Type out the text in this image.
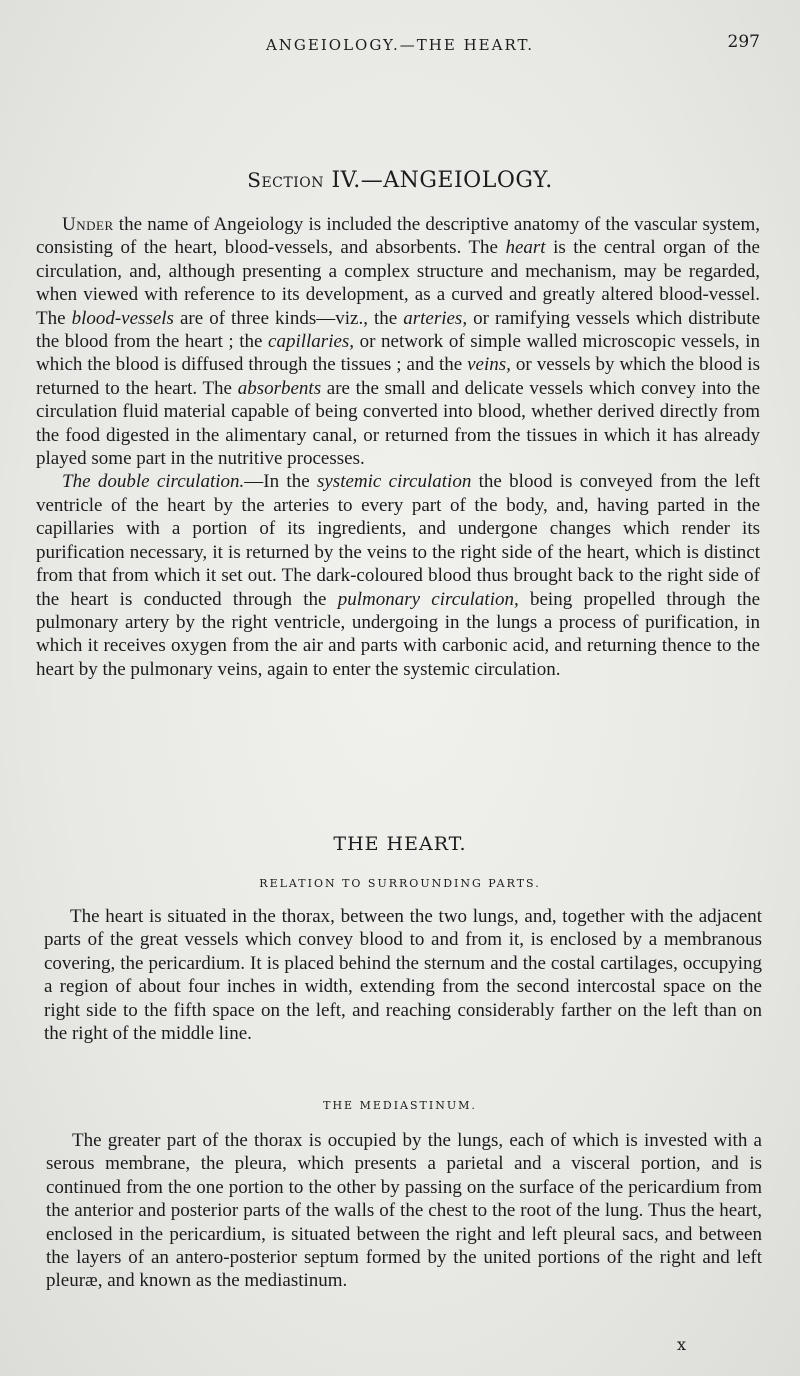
ANGEIOLOGY.—THE HEART.	297
Section IV.—ANGEIOLOGY.

Under the name of Angeiology is included the descriptive anatomy of the vascular system, consisting of the heart, blood-vessels, and absorbents. The heart is the central organ of the circulation, and, although presenting a complex structure and mechanism, may be regarded, when viewed with reference to its development, as a curved and greatly altered blood-vessel. The blood-vessels are of three kinds—viz., the arteries, or ramifying vessels which distribute the blood from the heart ; the capillaries, or network of simple walled microscopic vessels, in which the blood is diffused through the tissues ; and the veins, or vessels by which the blood is returned to the heart. The absorbents are the small and delicate vessels which convey into the circulation fluid material capable of being converted into blood, whether derived directly from the food digested in the alimentary canal, or returned from the tissues in which it has already played some part in the nutritive processes.

The double circulation.—In the systemic circulation the blood is conveyed from the left ventricle of the heart by the arteries to every part of the body, and, having parted in the capillaries with a portion of its ingredients, and undergone changes which render its purification necessary, it is returned by the veins to the right side of the heart, which is distinct from that from which it set out. The dark-coloured blood thus brought back to the right side of the heart is conducted through the pulmonary circulation, being propelled through the pulmonary artery by the right ventricle, undergoing in the lungs a process of purification, in which it receives oxygen from the air and parts with carbonic acid, and returning thence to the heart by the pulmonary veins, again to enter the systemic circulation.

THE HEART.
RELATION TO SURROUNDING PARTS.

The heart is situated in the thorax, between the two lungs, and, together with the adjacent parts of the great vessels which convey blood to and from it, is enclosed by a membranous covering, the pericardium. It is placed behind the sternum and the costal cartilages, occupying a region of about four inches in width, extending from the second intercostal space on the right side to the fifth space on the left, and reaching considerably farther on the left than on the right of the middle line.

THE MEDIASTINUM.

The greater part of the thorax is occupied by the lungs, each of which is invested with a serous membrane, the pleura, which presents a parietal and a visceral portion, and is continued from the one portion to the other by passing on the surface of the pericardium from the anterior and posterior parts of the walls of the chest to the root of the lung. Thus the heart, enclosed in the pericardium, is situated between the right and left pleural sacs, and between the layers of an antero-posterior septum formed by the united portions of the right and left pleuræ, and known as the mediastinum.

x
